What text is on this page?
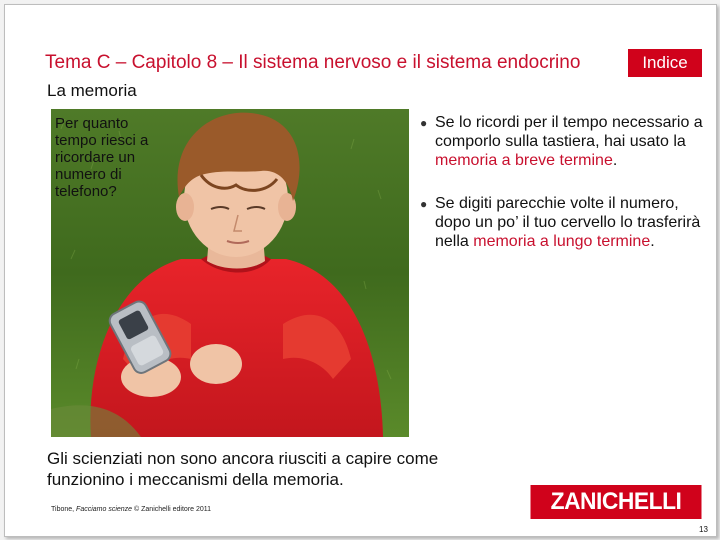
Tema C – Capitolo 8 – Il sistema nervoso e il sistema endocrino	Indice
La memoria
Per quanto tempo riesci a ricordare un numero di telefono?
● Se lo ricordi per il tempo necessario a comporlo sulla tastiera, hai usato la memoria a breve termine.
● Se digiti parecchie volte il numero, dopo un po’ il tuo cervello lo trasferirà nella memoria a lungo termine.
Gli scienziati non sono ancora riusciti a capire come funzionino i meccanismi della memoria.
Tibone, Facciamo scienze © Zanichelli editore 2011	ZANICHELLI
13
